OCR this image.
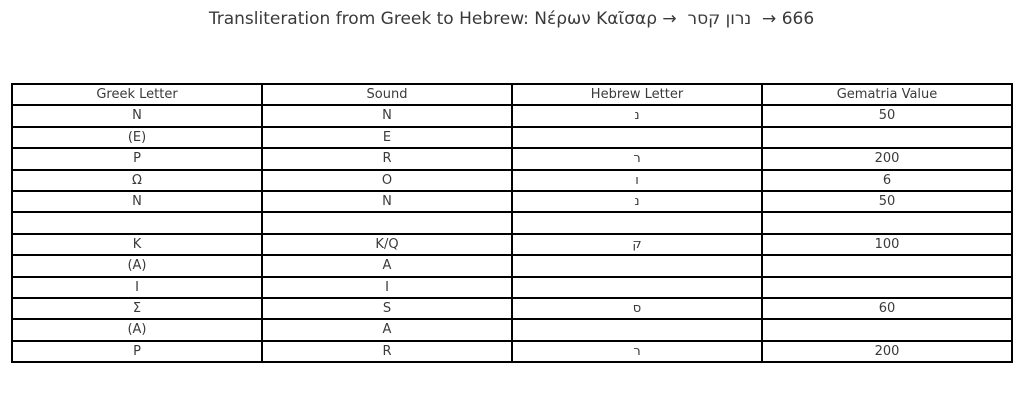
Transliteration from Greek to Hebrew: Νέρων Καῖσαρ →  נרון קסר  → 666
Greek Letter	Sound	Hebrew Letter	Gematria Value
N	N	נ	50
(E)	E		
P	R	ר	200
Ω	O	ו	6
N	N	נ	50

K	K/Q	ק	100
(A)	A		
I	I		
Σ	S	ס	60
(A)	A		
P	R	ר	200
